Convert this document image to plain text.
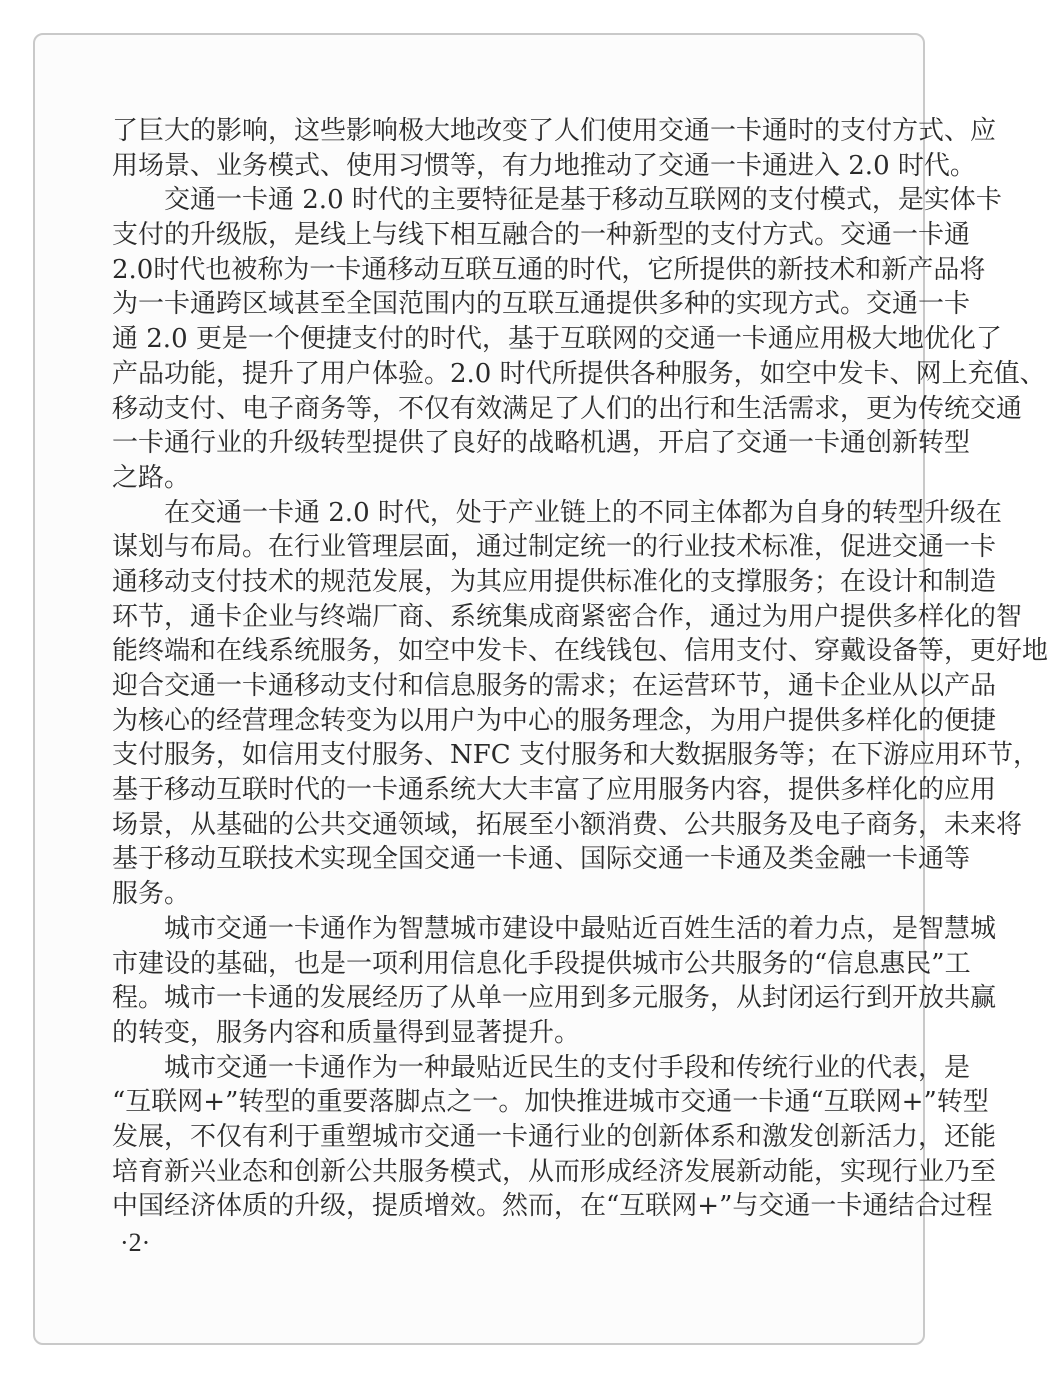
了巨大的影响，这些影响极大地改变了人们使用交通一卡通时的支付方式、应
用场景、业务模式、使用习惯等，有力地推动了交通一卡通进入 2.0 时代。
交通一卡通 2.0 时代的主要特征是基于移动互联网的支付模式，是实体卡
支付的升级版，是线上与线下相互融合的一种新型的支付方式。交通一卡通
2.0时代也被称为一卡通移动互联互通的时代，它所提供的新技术和新产品将
为一卡通跨区域甚至全国范围内的互联互通提供多种的实现方式。交通一卡
通 2.0 更是一个便捷支付的时代，基于互联网的交通一卡通应用极大地优化了
产品功能，提升了用户体验。2.0 时代所提供各种服务，如空中发卡、网上充值、
移动支付、电子商务等，不仅有效满足了人们的出行和生活需求，更为传统交通
一卡通行业的升级转型提供了良好的战略机遇，开启了交通一卡通创新转型
之路。
在交通一卡通 2.0 时代，处于产业链上的不同主体都为自身的转型升级在
谋划与布局。在行业管理层面，通过制定统一的行业技术标准，促进交通一卡
通移动支付技术的规范发展，为其应用提供标准化的支撑服务；在设计和制造
环节，通卡企业与终端厂商、系统集成商紧密合作，通过为用户提供多样化的智
能终端和在线系统服务，如空中发卡、在线钱包、信用支付、穿戴设备等，更好地
迎合交通一卡通移动支付和信息服务的需求；在运营环节，通卡企业从以产品
为核心的经营理念转变为以用户为中心的服务理念，为用户提供多样化的便捷
支付服务，如信用支付服务、NFC 支付服务和大数据服务等；在下游应用环节，
基于移动互联时代的一卡通系统大大丰富了应用服务内容，提供多样化的应用
场景，从基础的公共交通领域，拓展至小额消费、公共服务及电子商务，未来将
基于移动互联技术实现全国交通一卡通、国际交通一卡通及类金融一卡通等
服务。
城市交通一卡通作为智慧城市建设中最贴近百姓生活的着力点，是智慧城
市建设的基础，也是一项利用信息化手段提供城市公共服务的“信息惠民”工
程。城市一卡通的发展经历了从单一应用到多元服务，从封闭运行到开放共赢
的转变，服务内容和质量得到显著提升。
城市交通一卡通作为一种最贴近民生的支付手段和传统行业的代表，是
“互联网+”转型的重要落脚点之一。加快推进城市交通一卡通“互联网+”转型
发展，不仅有利于重塑城市交通一卡通行业的创新体系和激发创新活力，还能
培育新兴业态和创新公共服务模式，从而形成经济发展新动能，实现行业乃至
中国经济体质的升级，提质增效。然而，在“互联网+”与交通一卡通结合过程
·2·
